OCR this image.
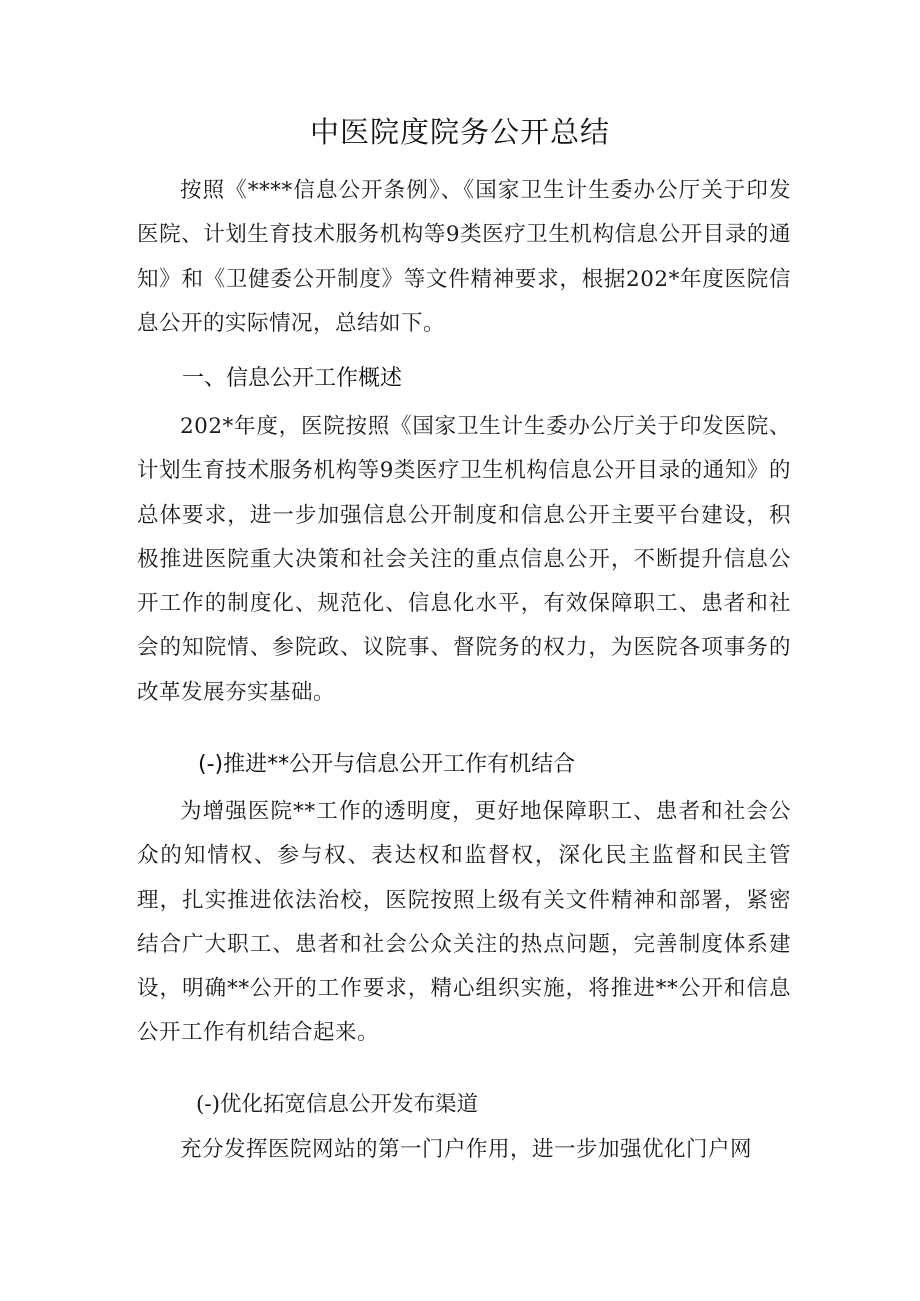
中医院度院务公开总结

按照《****信息公开条例》、《国家卫生计生委办公厅关于印发医院、计划生育技术服务机构等9类医疗卫生机构信息公开目录的通知》和《卫健委公开制度》等文件精神要求，根据202*年度医院信息公开的实际情况，总结如下。

一、信息公开工作概述

202*年度，医院按照《国家卫生计生委办公厅关于印发医院、计划生育技术服务机构等9类医疗卫生机构信息公开目录的通知》的总体要求，进一步加强信息公开制度和信息公开主要平台建设，积极推进医院重大决策和社会关注的重点信息公开，不断提升信息公开工作的制度化、规范化、信息化水平，有效保障职工、患者和社会的知院情、参院政、议院事、督院务的权力，为医院各项事务的改革发展夯实基础。

(-)推进**公开与信息公开工作有机结合

为增强医院**工作的透明度，更好地保障职工、患者和社会公众的知情权、参与权、表达权和监督权，深化民主监督和民主管理，扎实推进依法治校，医院按照上级有关文件精神和部署，紧密结合广大职工、患者和社会公众关注的热点问题，完善制度体系建设，明确**公开的工作要求，精心组织实施，将推进**公开和信息公开工作有机结合起来。

(-)优化拓宽信息公开发布渠道

充分发挥医院网站的第一门户作用，进一步加强优化门户网
